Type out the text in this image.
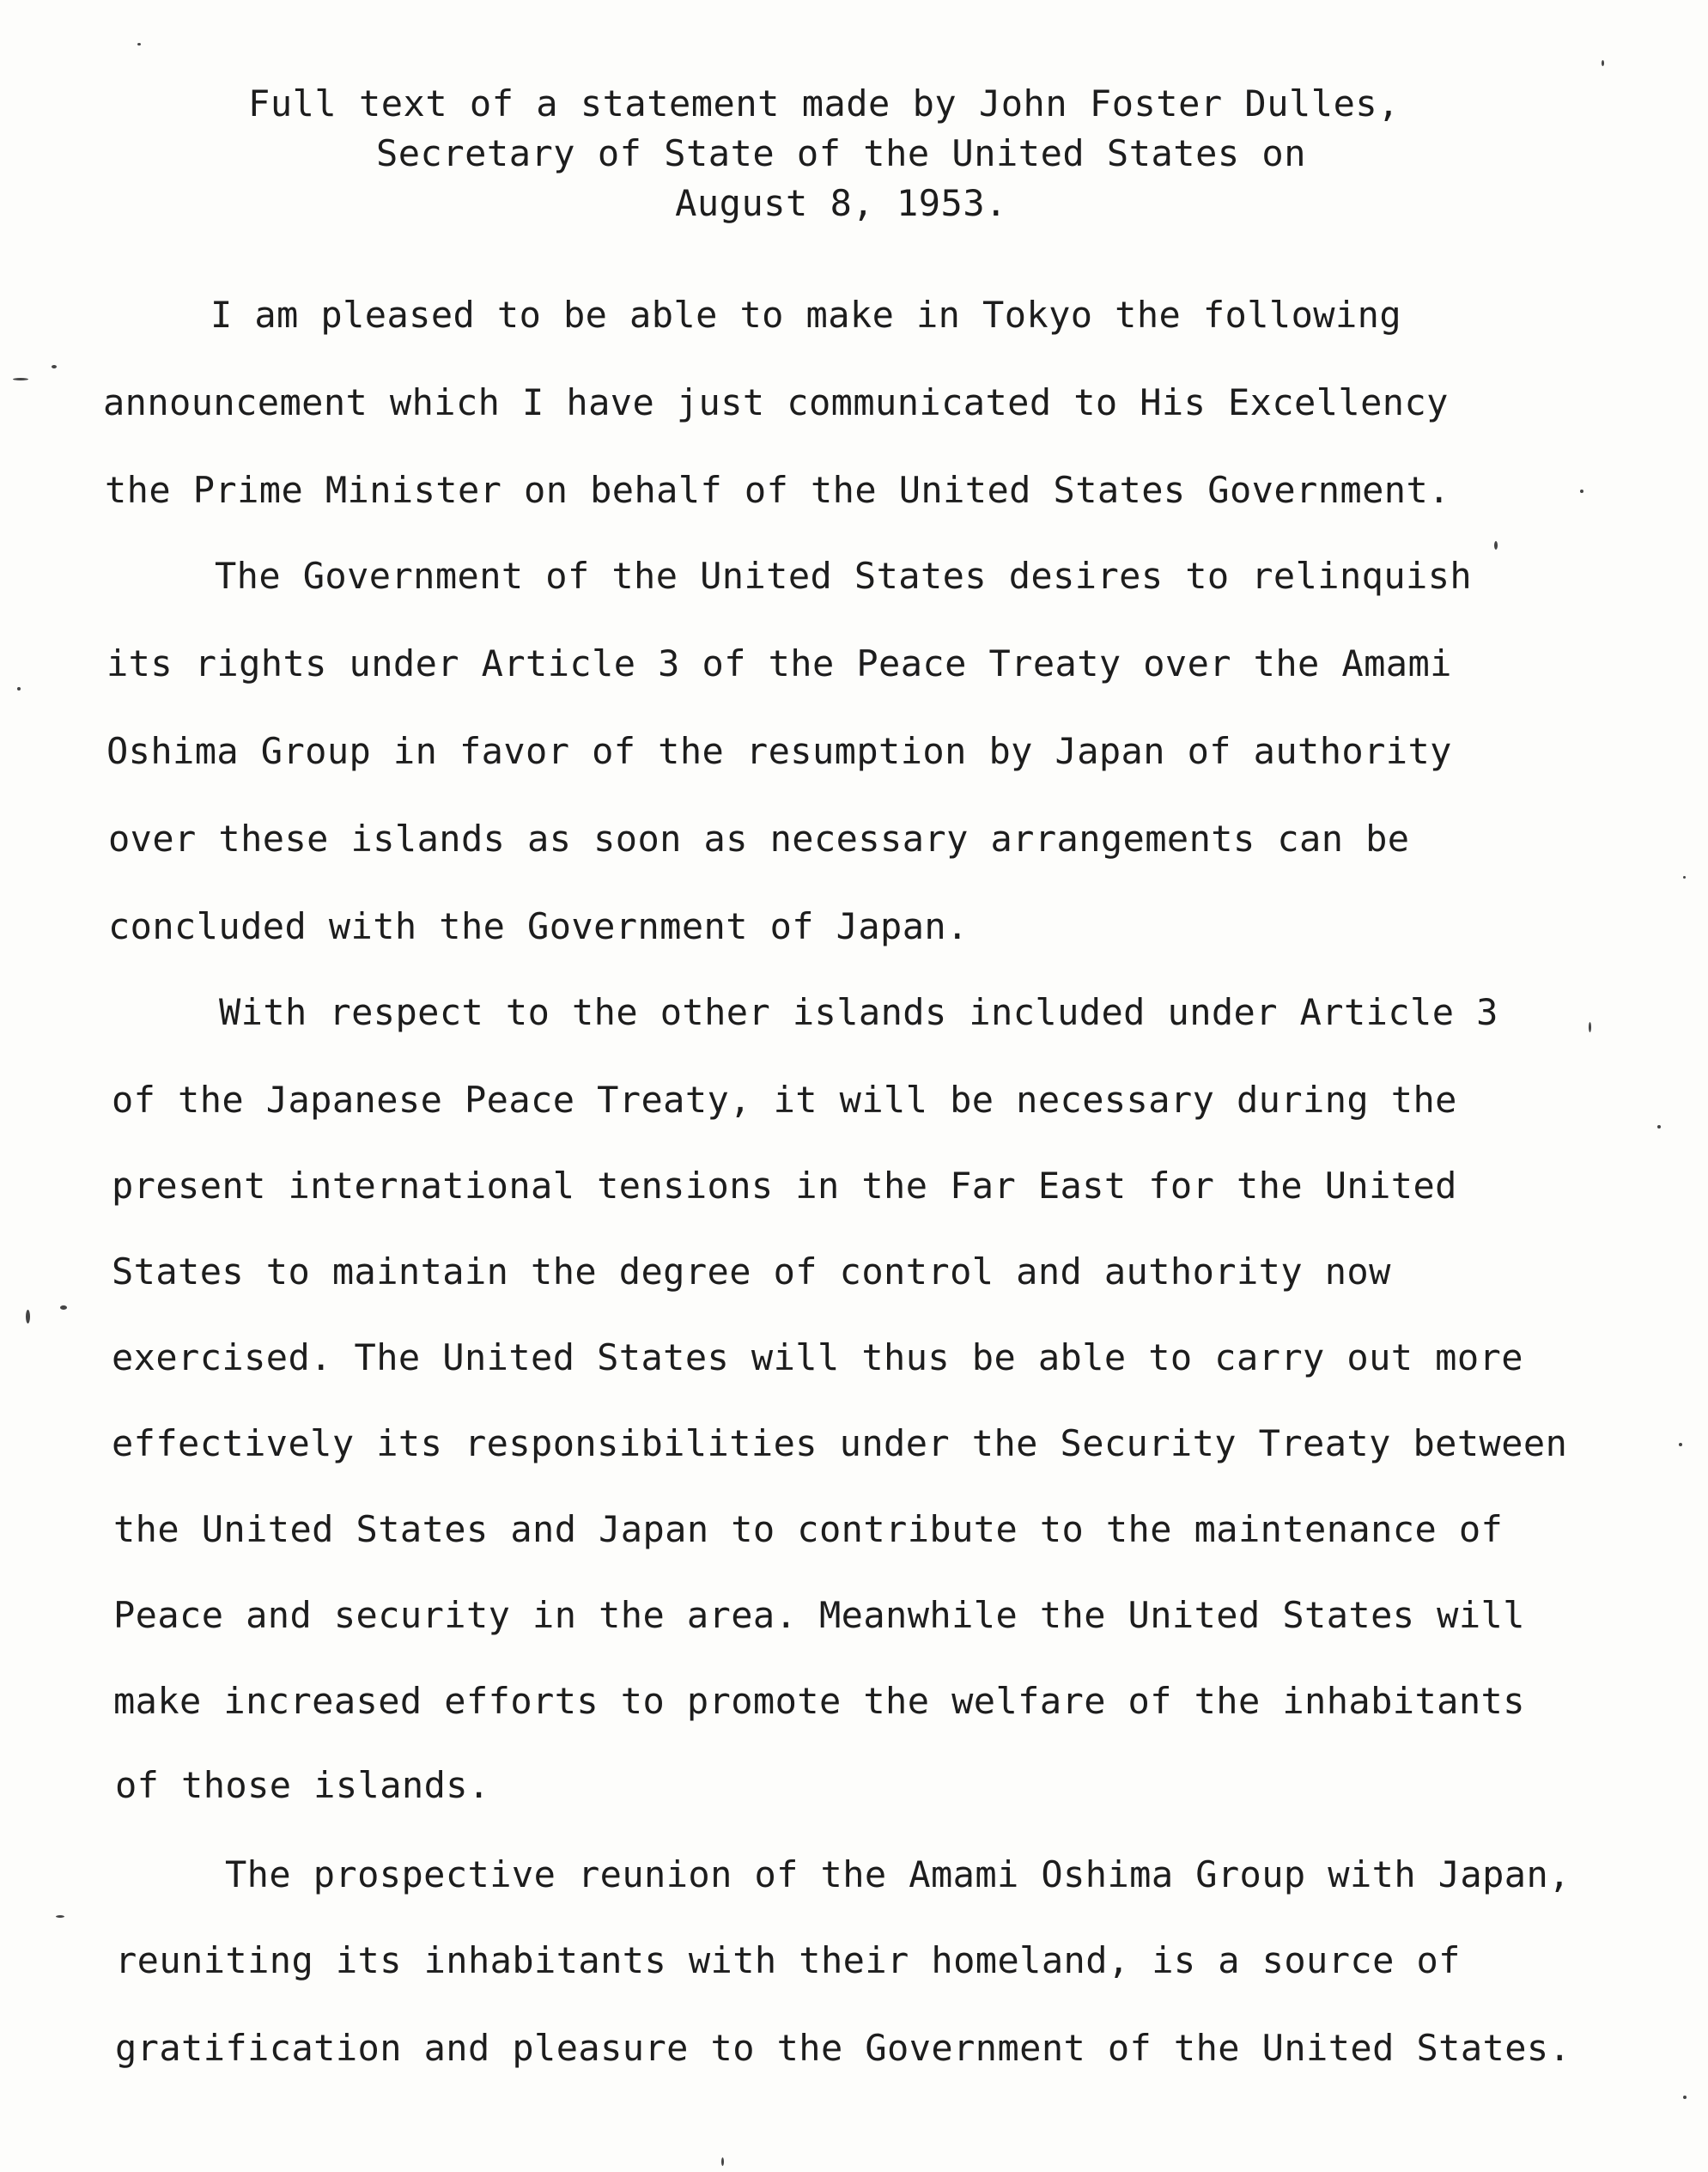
Full text of a statement made by John Foster Dulles,
Secretary of State of the United States on
August 8, 1953.
I am pleased to be able to make in Tokyo the following
announcement which I have just communicated to His Excellency
the Prime Minister on behalf of the United States Government.
The Government of the United States desires to relinquish
its rights under Article 3 of the Peace Treaty over the Amami
Oshima Group in favor of the resumption by Japan of authority
over these islands as soon as necessary arrangements can be
concluded with the Government of Japan.
With respect to the other islands included under Article 3
of the Japanese Peace Treaty, it will be necessary during the
present international tensions in the Far East for the United
States to maintain the degree of control and authority now
exercised. The United States will thus be able to carry out more
effectively its responsibilities under the Security Treaty between
the United States and Japan to contribute to the maintenance of
Peace and security in the area. Meanwhile the United States will
make increased efforts to promote the welfare of the inhabitants
of those islands.
The prospective reunion of the Amami Oshima Group with Japan,
reuniting its inhabitants with their homeland, is a source of
gratification and pleasure to the Government of the United States.
